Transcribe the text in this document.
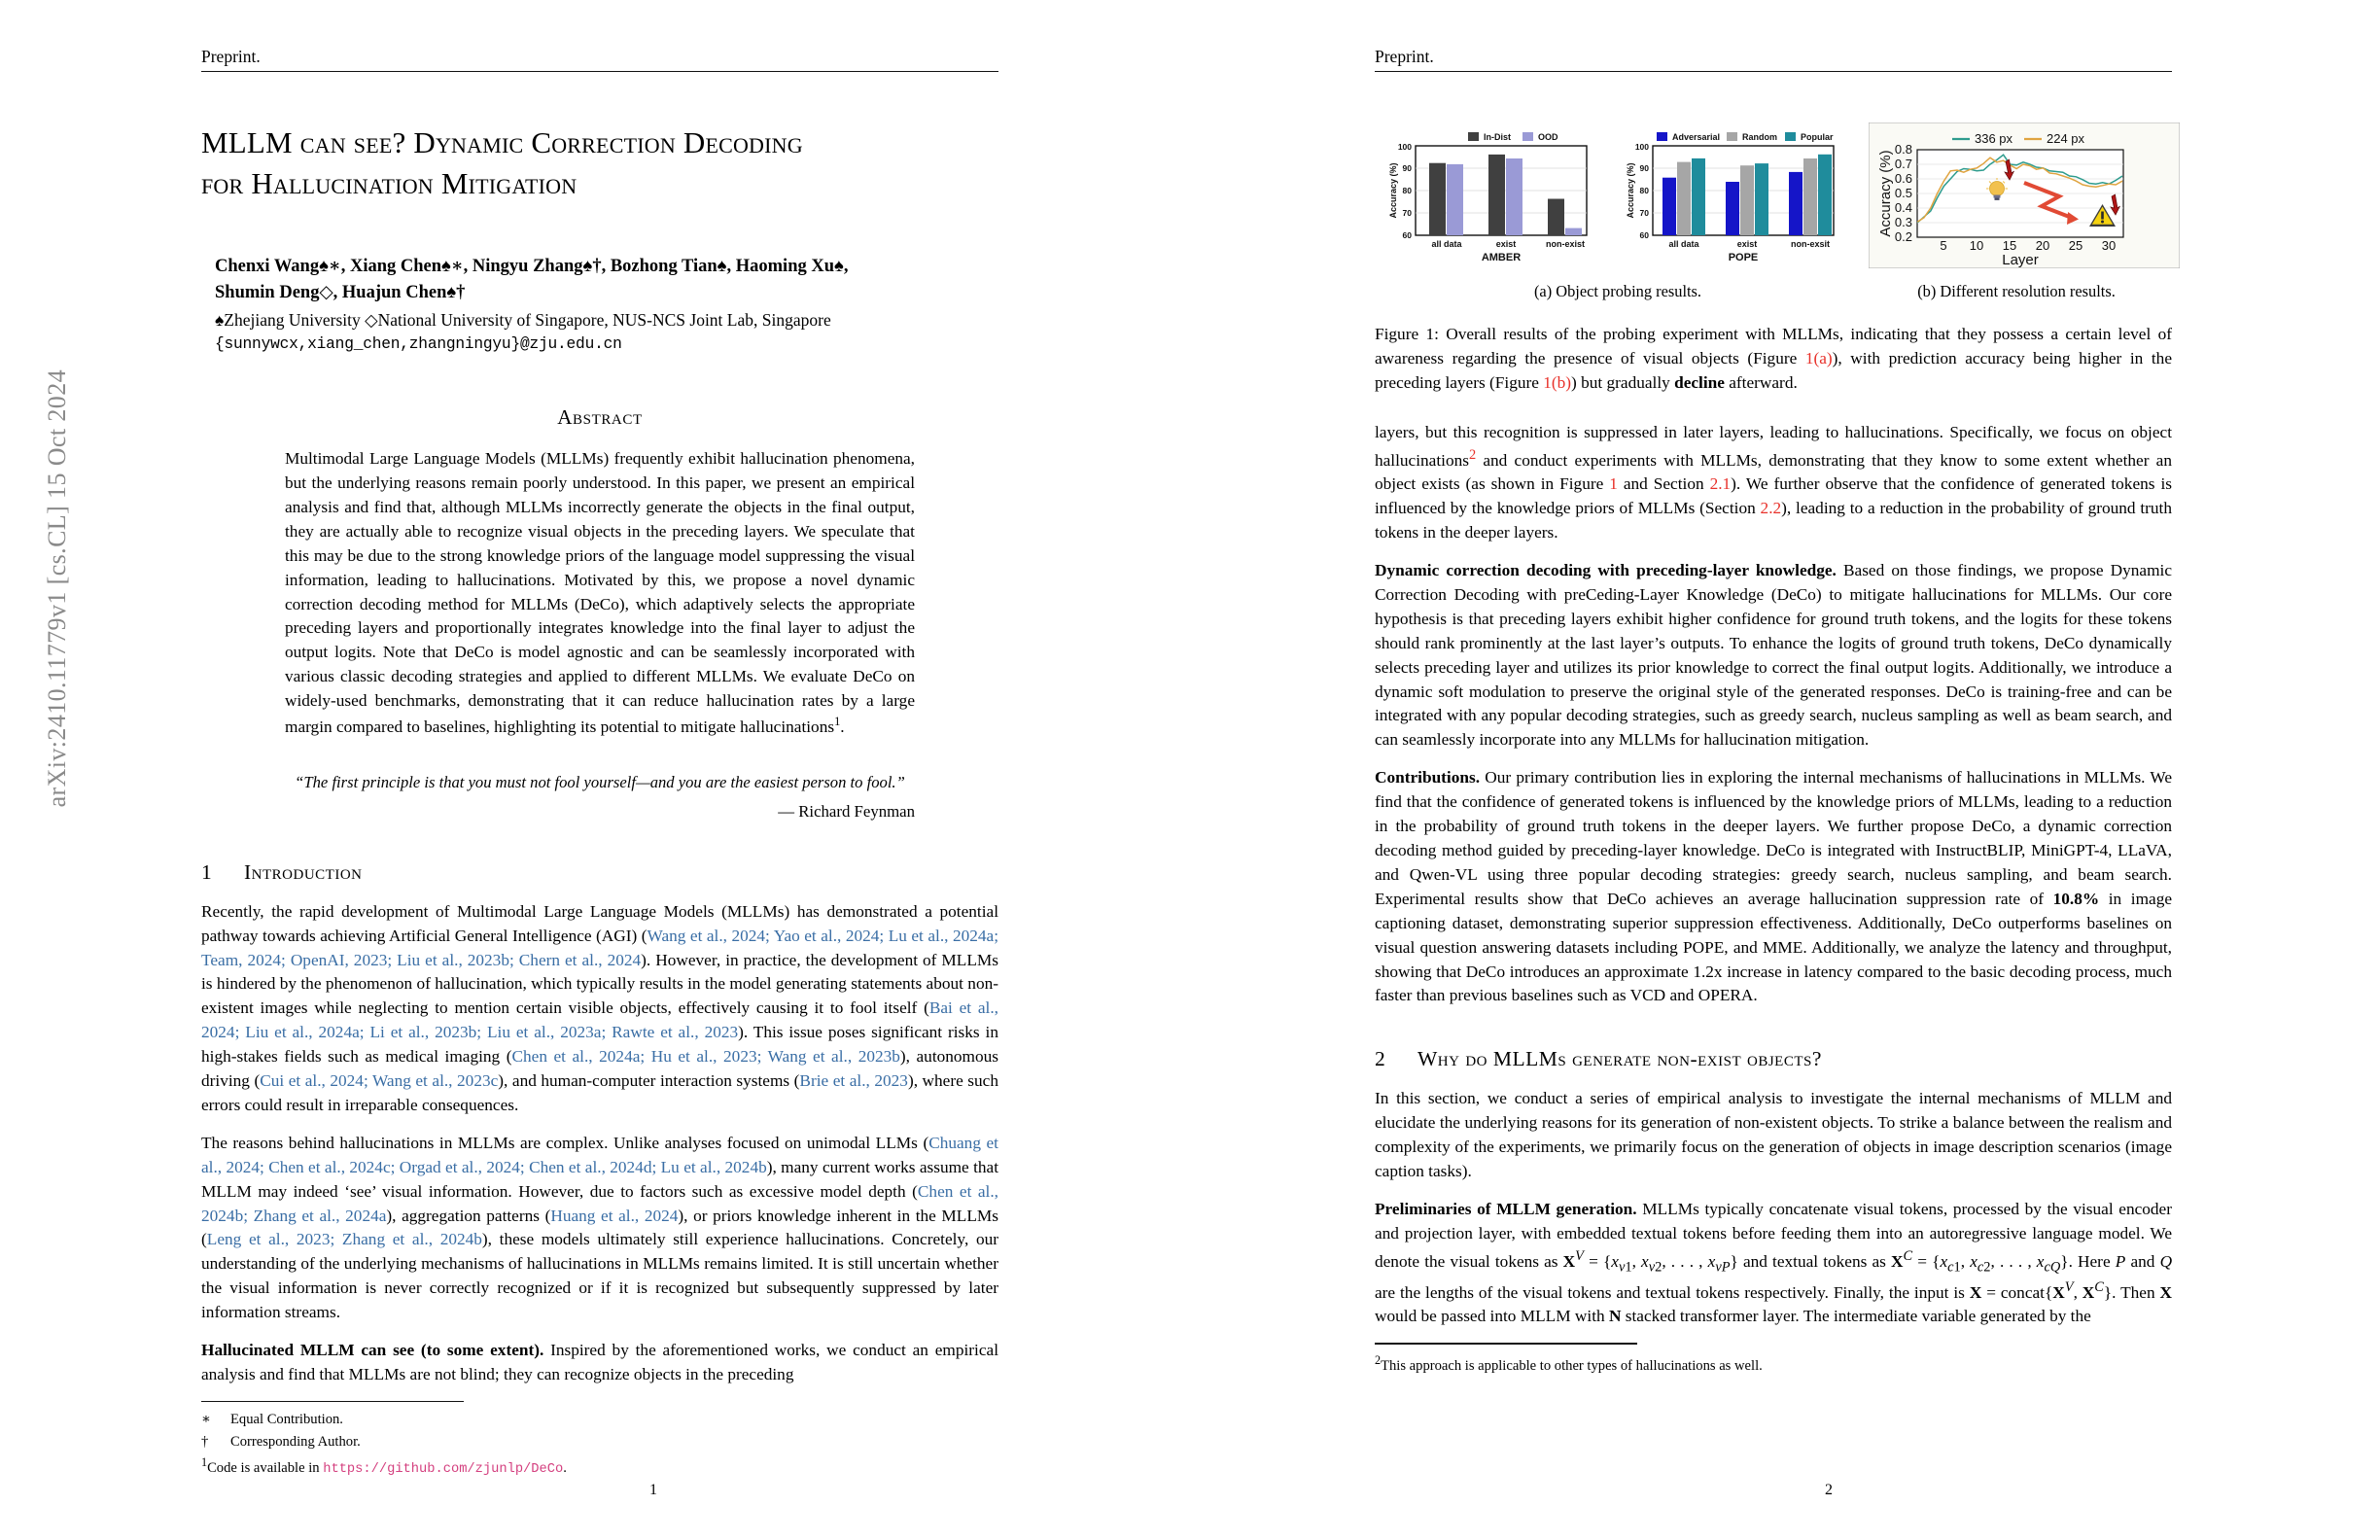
arXiv:2410.11779v1 [cs.CL] 15 Oct 2024
Preprint.
MLLM can see? Dynamic Correction Decoding
for Hallucination Mitigation
Chenxi Wang♠∗, Xiang Chen♠∗, Ningyu Zhang♠†, Bozhong Tian♠, Haoming Xu♠,
Shumin Deng◇, Huajun Chen♠†
♠Zhejiang University ◇National University of Singapore, NUS-NCS Joint Lab, Singapore
{sunnywcx,xiang_chen,zhangningyu}@zju.edu.cn
Abstract
Multimodal Large Language Models (MLLMs) frequently exhibit hallucination phenomena, but the underlying reasons remain poorly understood. In this paper, we present an empirical analysis and find that, although MLLMs incorrectly generate the objects in the final output, they are actually able to recognize visual objects in the preceding layers. We speculate that this may be due to the strong knowledge priors of the language model suppressing the visual information, leading to hallucinations. Motivated by this, we propose a novel dynamic correction decoding method for MLLMs (DeCo), which adaptively selects the appropriate preceding layers and proportionally integrates knowledge into the final layer to adjust the output logits. Note that DeCo is model agnostic and can be seamlessly incorporated with various classic decoding strategies and applied to different MLLMs. We evaluate DeCo on widely-used benchmarks, demonstrating that it can reduce hallucination rates by a large margin compared to baselines, highlighting its potential to mitigate hallucinations$^1$.
“The first principle is that you must not fool yourself—and you are the easiest person to fool.”
— Richard Feynman
1 Introduction

Recently, the rapid development of Multimodal Large Language Models (MLLMs) has demonstrated a potential pathway towards achieving Artificial General Intelligence (AGI) (Wang et al., 2024; Yao et al., 2024; Lu et al., 2024a; Team, 2024; OpenAI, 2023; Liu et al., 2023b; Chern et al., 2024). However, in practice, the development of MLLMs is hindered by the phenomenon of hallucination, which typically results in the model generating statements about non-existent images while neglecting to mention certain visible objects, effectively causing it to fool itself (Bai et al., 2024; Liu et al., 2024a; Li et al., 2023b; Liu et al., 2023a; Rawte et al., 2023). This issue poses significant risks in high-stakes fields such as medical imaging (Chen et al., 2024a; Hu et al., 2023; Wang et al., 2023b), autonomous driving (Cui et al., 2024; Wang et al., 2023c), and human-computer interaction systems (Brie et al., 2023), where such errors could result in irreparable consequences.

The reasons behind hallucinations in MLLMs are complex. Unlike analyses focused on unimodal LLMs (Chuang et al., 2024; Chen et al., 2024c; Orgad et al., 2024; Chen et al., 2024d; Lu et al., 2024b), many current works assume that MLLM may indeed ‘see’ visual information. However, due to factors such as excessive model depth (Chen et al., 2024b; Zhang et al., 2024a), aggregation patterns (Huang et al., 2024), or priors knowledge inherent in the MLLMs (Leng et al., 2023; Zhang et al., 2024b), these models ultimately still experience hallucinations. Concretely, our understanding of the underlying mechanisms of hallucinations in MLLMs remains limited. It is still uncertain whether the visual information is never correctly recognized or if it is recognized but subsequently suppressed by later information streams.

Hallucinated MLLM can see (to some extent). Inspired by the aforementioned works, we conduct an empirical analysis and find that MLLMs are not blind; they can recognize objects in the preceding

∗ Equal Contribution.

† Corresponding Author.

$^1$Code is available in https://github.com/zjunlp/DeCo.

1
Preprint.
In-Dist	OOD
60
70
80
90
100
Accuracy (%)
all data	exist	non-exist
AMBER
Adversarial	Random	Popular
60
70
80
90
100
Accuracy (%)
all data	exist	non-exsit
POPE
336 px	224 px
0.8
0.7
0.6
0.5
0.4
0.3
0.2
Accuracy (%)
5 10 15 20 25 30
Layer
(a) Object probing results.	(b) Different resolution results.
Figure 1: Overall results of the probing experiment with MLLMs, indicating that they possess a certain level of awareness regarding the presence of visual objects (Figure 1(a)), with prediction accuracy being higher in the preceding layers (Figure 1(b)) but gradually decline afterward.

layers, but this recognition is suppressed in later layers, leading to hallucinations. Specifically, we focus on object hallucinations$^2$ and conduct experiments with MLLMs, demonstrating that they know to some extent whether an object exists (as shown in Figure 1 and Section 2.1). We further observe that the confidence of generated tokens is influenced by the knowledge priors of MLLMs (Section 2.2), leading to a reduction in the probability of ground truth tokens in the deeper layers.

Dynamic correction decoding with preceding-layer knowledge. Based on those findings, we propose Dynamic Correction Decoding with preCeding-Layer Knowledge (DeCo) to mitigate hallucinations for MLLMs. Our core hypothesis is that preceding layers exhibit higher confidence for ground truth tokens, and the logits for these tokens should rank prominently at the last layer’s outputs. To enhance the logits of ground truth tokens, DeCo dynamically selects preceding layer and utilizes its prior knowledge to correct the final output logits. Additionally, we introduce a dynamic soft modulation to preserve the original style of the generated responses. DeCo is training-free and can be integrated with any popular decoding strategies, such as greedy search, nucleus sampling as well as beam search, and can seamlessly incorporate into any MLLMs for hallucination mitigation.

Contributions. Our primary contribution lies in exploring the internal mechanisms of hallucinations in MLLMs. We find that the confidence of generated tokens is influenced by the knowledge priors of MLLMs, leading to a reduction in the probability of ground truth tokens in the deeper layers. We further propose DeCo, a dynamic correction decoding method guided by preceding-layer knowledge. DeCo is integrated with InstructBLIP, MiniGPT-4, LLaVA, and Qwen-VL using three popular decoding strategies: greedy search, nucleus sampling, and beam search. Experimental results show that DeCo achieves an average hallucination suppression rate of 10.8% in image captioning dataset, demonstrating superior suppression effectiveness. Additionally, DeCo outperforms baselines on visual question answering datasets including POPE, and MME. Additionally, we analyze the latency and throughput, showing that DeCo introduces an approximate 1.2x increase in latency compared to the basic decoding process, much faster than previous baselines such as VCD and OPERA.

2 Why do MLLMs generate non-exist objects?

In this section, we conduct a series of empirical analysis to investigate the internal mechanisms of MLLM and elucidate the underlying reasons for its generation of non-existent objects. To strike a balance between the realism and complexity of the experiments, we primarily focus on the generation of objects in image description scenarios (image caption tasks).

Preliminaries of MLLM generation. MLLMs typically concatenate visual tokens, processed by the visual encoder and projection layer, with embedded textual tokens before feeding them into an autoregressive language model. We denote the visual tokens as $X^V = \{x_{v1}$, $x_{v2}$, . . . , $x_{vP}$} and textual tokens as $X^C = \{x_{c1}$, $x_{c2}$, . . . , $x_{cQ}$}. Here P and Q are the lengths of the visual tokens and textual tokens respectively. Finally, the input is $X = concat\{X^V$, $X^C$}. Then X would be passed into MLLM with N stacked transformer layer. The intermediate variable generated by the

$^2$This approach is applicable to other types of hallucinations as well.

2
